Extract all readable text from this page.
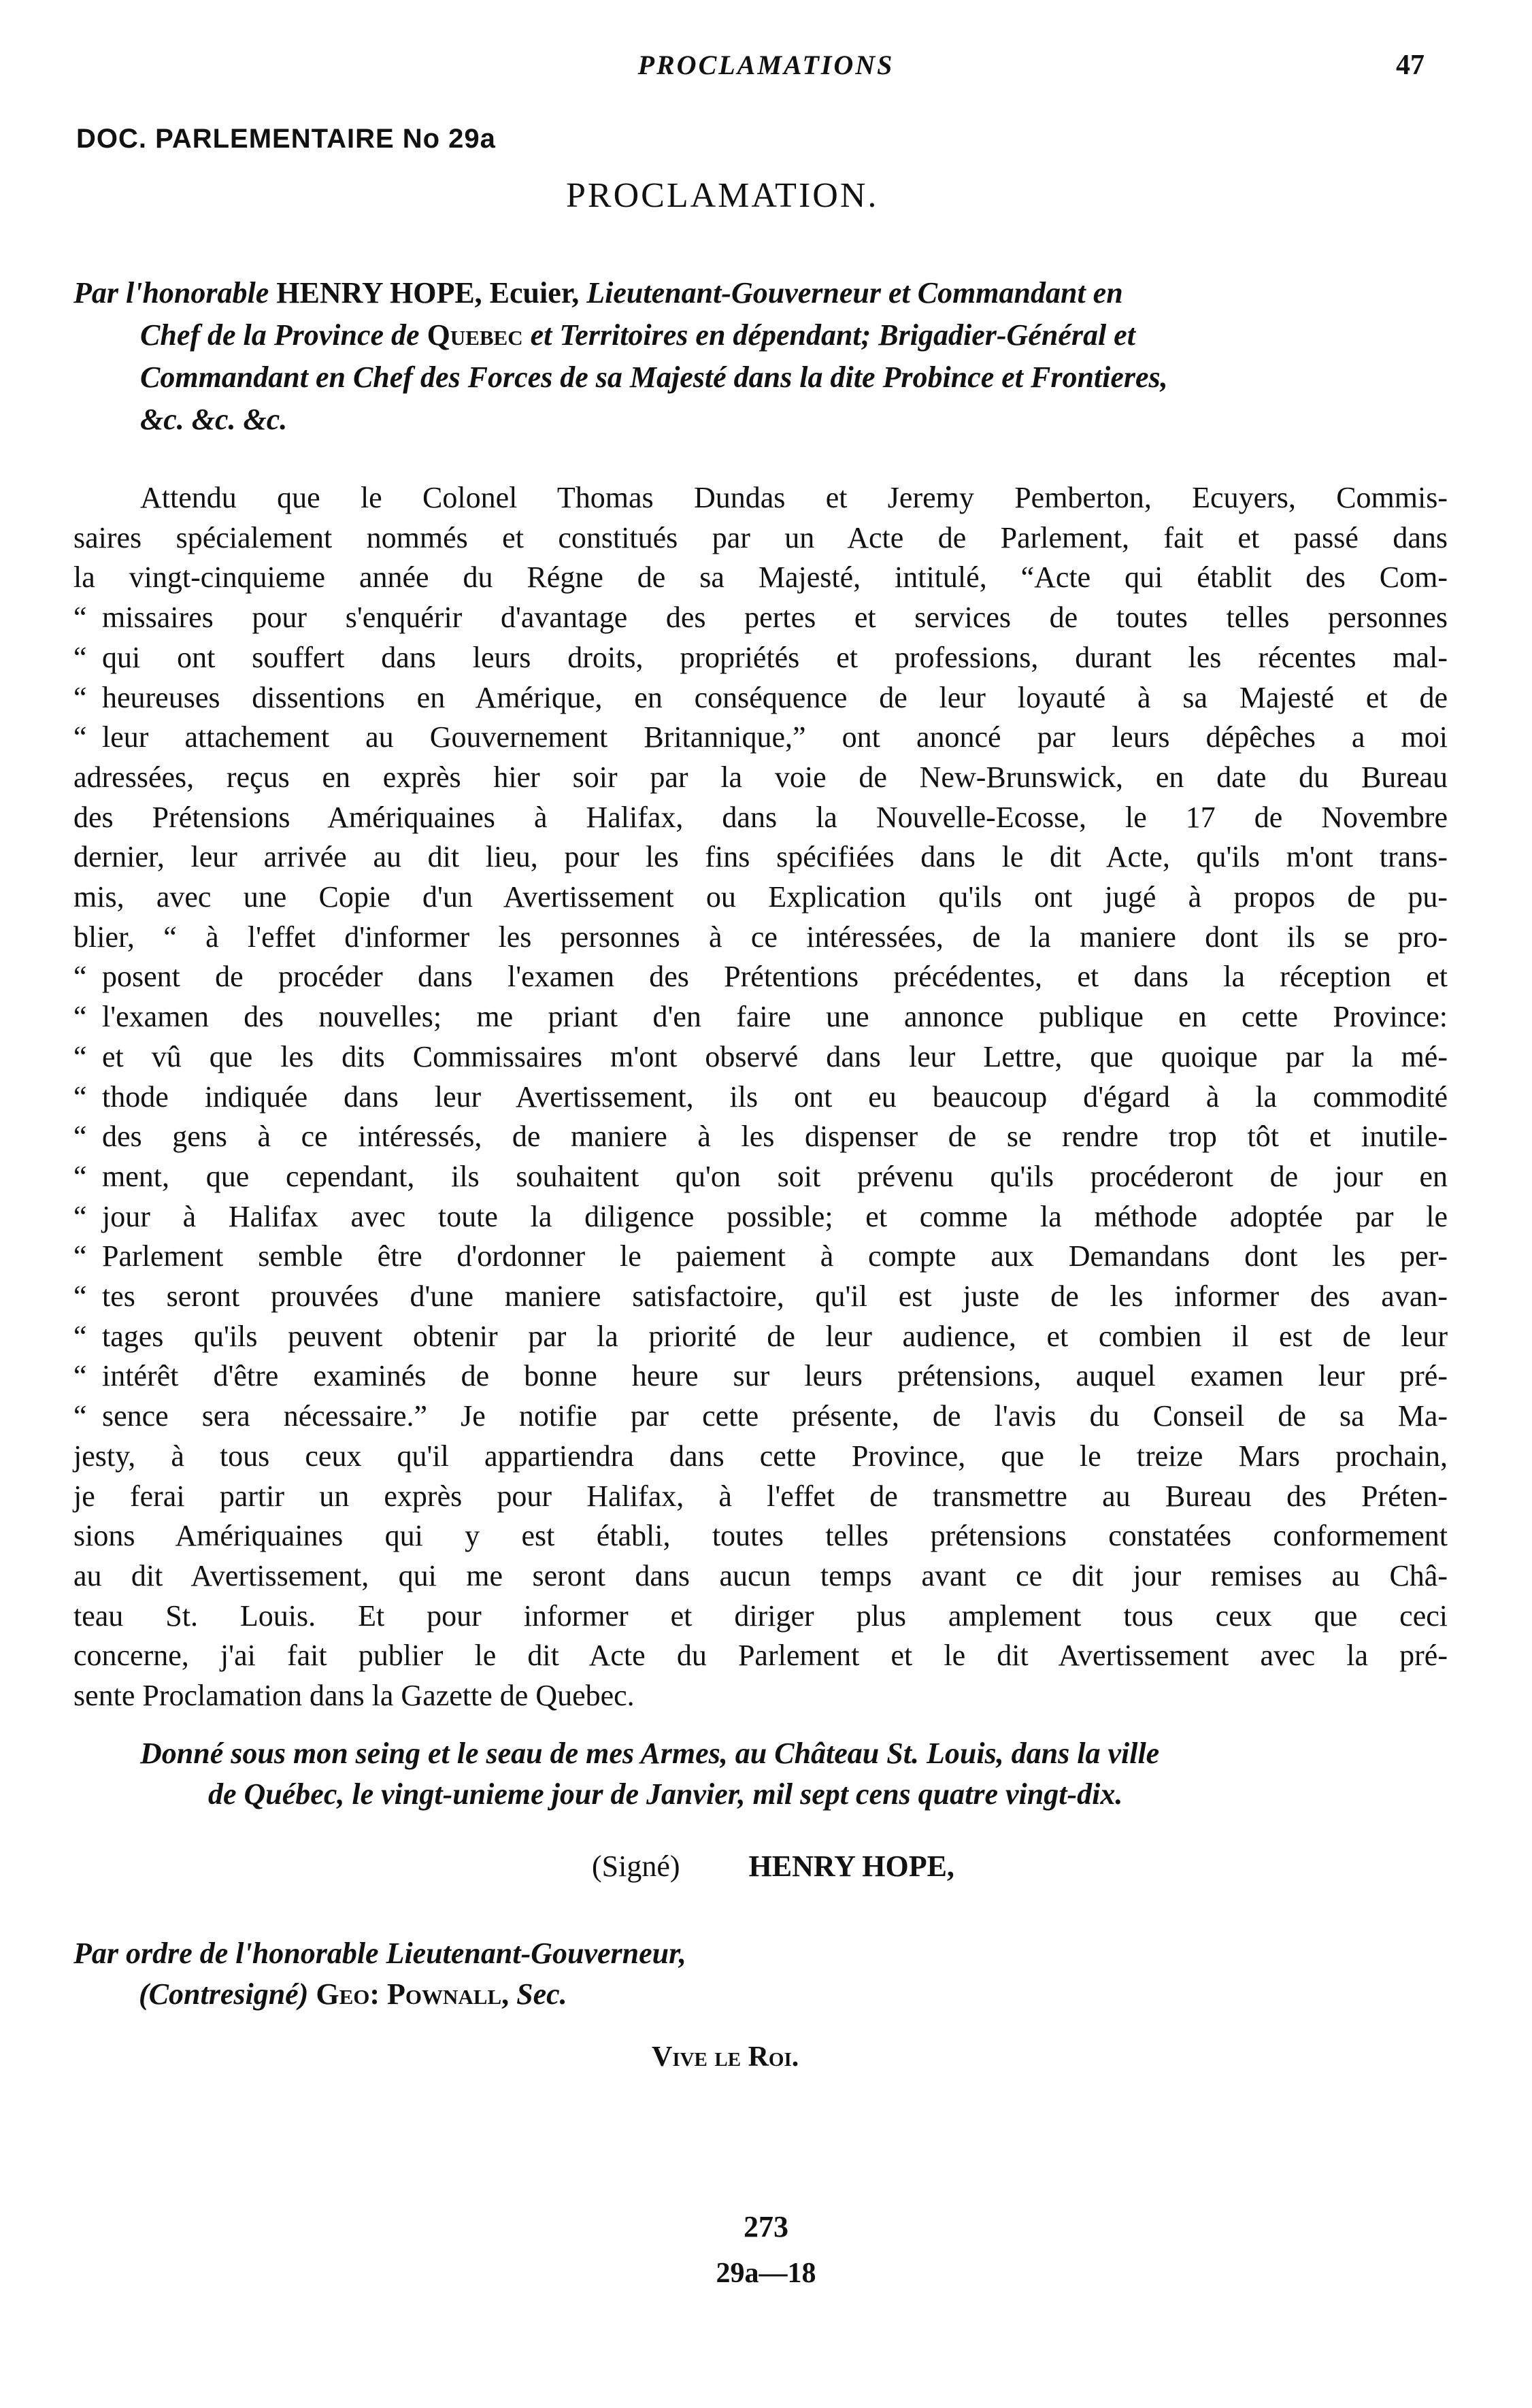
PROCLAMATIONS	47
DOC. PARLEMENTAIRE No 29a
PROCLAMATION.
Par l'honorable HENRY HOPE, Ecuier, Lieutenant-Gouverneur et Commandant en
Chef de la Province de Quebec et Territoires en dépendant; Brigadier-Général et
Commandant en Chef des Forces de sa Majesté dans la dite Probince et Frontieres,
&c. &c. &c.
Attendu que le Colonel Thomas Dundas et Jeremy Pemberton, Ecuyers, Commis-
saires spécialement nommés et constitués par un Acte de Parlement, fait et passé dans
la vingt-cinquieme année du Régne de sa Majesté, intitulé, “Acte qui établit des Com-
“ missaires pour s'enquérir d'avantage des pertes et services de toutes telles personnes
“ qui ont souffert dans leurs droits, propriétés et professions, durant les récentes mal-
“ heureuses dissentions en Amérique, en conséquence de leur loyauté à sa Majesté et de
“ leur attachement au Gouvernement Britannique,” ont anoncé par leurs dépêches a moi
adressées, reçus en exprès hier soir par la voie de New-Brunswick, en date du Bureau
des Prétensions Amériquaines à Halifax, dans la Nouvelle-Ecosse, le 17 de Novembre
dernier, leur arrivée au dit lieu, pour les fins spécifiées dans le dit Acte, qu'ils m'ont trans-
mis, avec une Copie d'un Avertissement ou Explication qu'ils ont jugé à propos de pu-
blier, “ à l'effet d'informer les personnes à ce intéressées, de la maniere dont ils se pro-
“ posent de procéder dans l'examen des Prétentions précédentes, et dans la réception et
“ l'examen des nouvelles; me priant d'en faire une annonce publique en cette Province:
“ et vû que les dits Commissaires m'ont observé dans leur Lettre, que quoique par la mé-
“ thode indiquée dans leur Avertissement, ils ont eu beaucoup d'égard à la commodité
“ des gens à ce intéressés, de maniere à les dispenser de se rendre trop tôt et inutile-
“ ment, que cependant, ils souhaitent qu'on soit prévenu qu'ils procéderont de jour en
“ jour à Halifax avec toute la diligence possible; et comme la méthode adoptée par le
“ Parlement semble être d'ordonner le paiement à compte aux Demandans dont les per-
“ tes seront prouvées d'une maniere satisfactoire, qu'il est juste de les informer des avan-
“ tages qu'ils peuvent obtenir par la priorité de leur audience, et combien il est de leur
“ intérêt d'être examinés de bonne heure sur leurs prétensions, auquel examen leur pré-
“ sence sera nécessaire.” Je notifie par cette présente, de l'avis du Conseil de sa Ma-
jesty, à tous ceux qu'il appartiendra dans cette Province, que le treize Mars prochain,
je ferai partir un exprès pour Halifax, à l'effet de transmettre au Bureau des Préten-
sions Amériquaines qui y est établi, toutes telles prétensions constatées conformement
au dit Avertissement, qui me seront dans aucun temps avant ce dit jour remises au Châ-
teau St. Louis. Et pour informer et diriger plus amplement tous ceux que ceci
concerne, j'ai fait publier le dit Acte du Parlement et le dit Avertissement avec la pré-
sente Proclamation dans la Gazette de Quebec.
Donné sous mon seing et le seau de mes Armes, au Château St. Louis, dans la ville
de Québec, le vingt-unieme jour de Janvier, mil sept cens quatre vingt-dix.
(Signé) HENRY HOPE,
Par ordre de l'honorable Lieutenant-Gouverneur,
(Contresigné) Geo: Pownall, Sec.
Vive le Roi.
273
29a—18
